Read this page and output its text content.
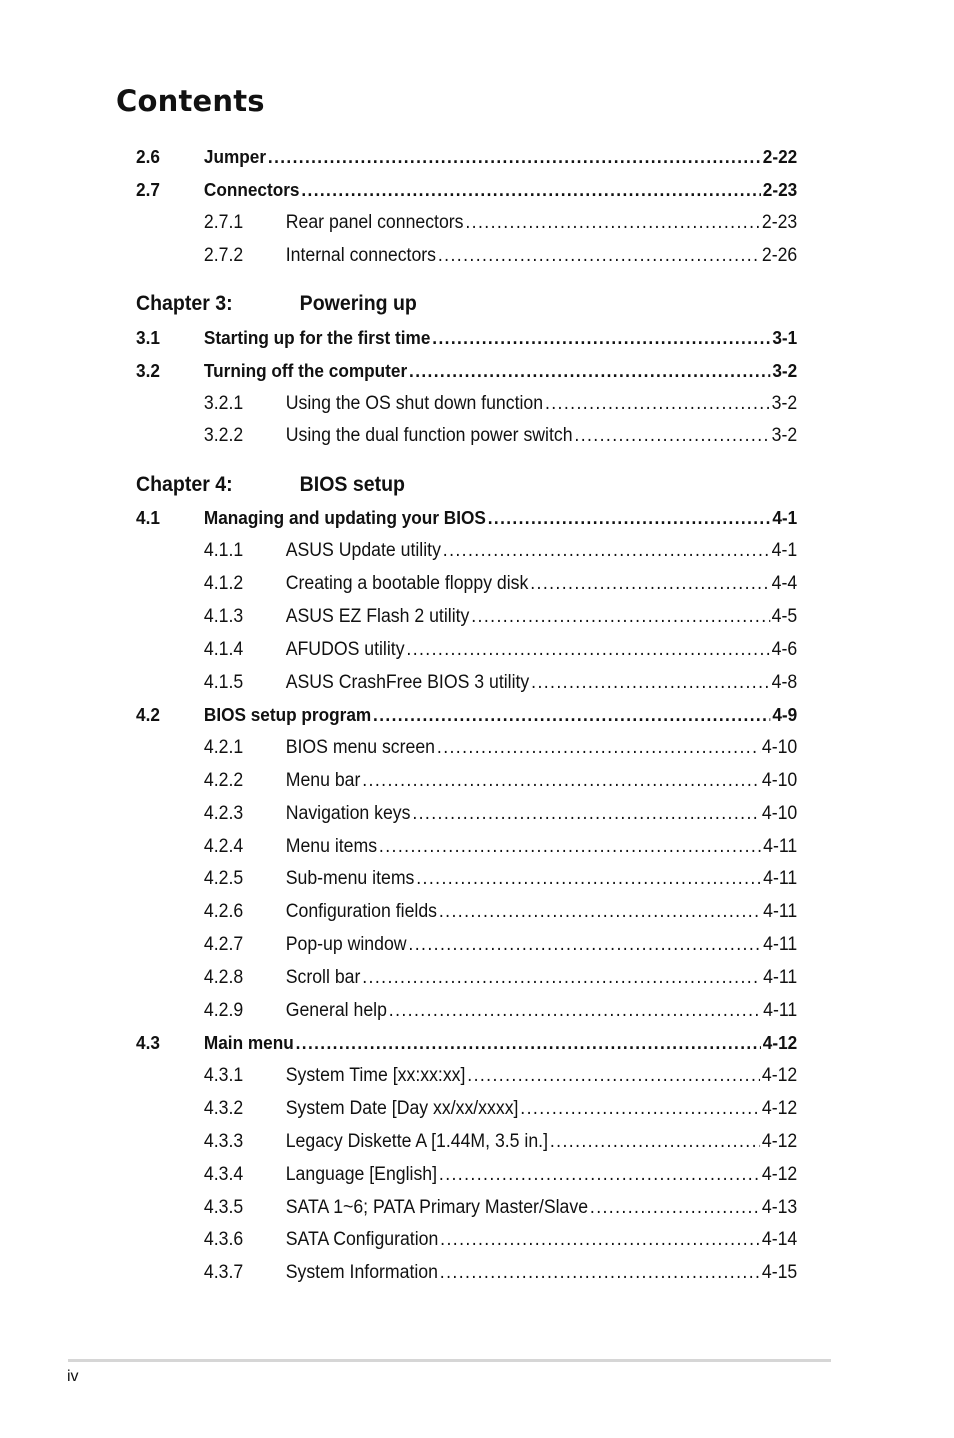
Contents
2.6	Jumper .....	2-22
2.7	Connectors .....	2-23
2.7.1	Rear panel connectors .....	2-23
2.7.2	Internal connectors .....	2-26
Chapter 3:	Powering up
3.1	Starting up for the first time .....	3-1
3.2	Turning off the computer .....	3-2
3.2.1	Using the OS shut down function .....	3-2
3.2.2	Using the dual function power switch .....	3-2
Chapter 4:	BIOS setup
4.1	Managing and updating your BIOS .....	4-1
4.1.1	ASUS Update utility .....	4-1
4.1.2	Creating a bootable floppy disk .....	4-4
4.1.3	ASUS EZ Flash 2 utility .....	4-5
4.1.4	AFUDOS utility .....	4-6
4.1.5	ASUS CrashFree BIOS 3 utility .....	4-8
4.2	BIOS setup program .....	4-9
4.2.1	BIOS menu screen .....	4-10
4.2.2	Menu bar .....	4-10
4.2.3	Navigation keys .....	4-10
4.2.4	Menu items .....	4-11
4.2.5	Sub-menu items .....	4-11
4.2.6	Configuration fields .....	4-11
4.2.7	Pop-up window .....	4-11
4.2.8	Scroll bar .....	4-11
4.2.9	General help .....	4-11
4.3	Main menu .....	4-12
4.3.1	System Time [xx:xx:xx] .....	4-12
4.3.2	System Date [Day xx/xx/xxxx] .....	4-12
4.3.3	Legacy Diskette A [1.44M, 3.5 in.] .....	4-12
4.3.4	Language [English] .....	4-12
4.3.5	SATA 1~6; PATA Primary Master/Slave .....	4-13
4.3.6	SATA Configuration .....	4-14
4.3.7	System Information .....	4-15
iv
